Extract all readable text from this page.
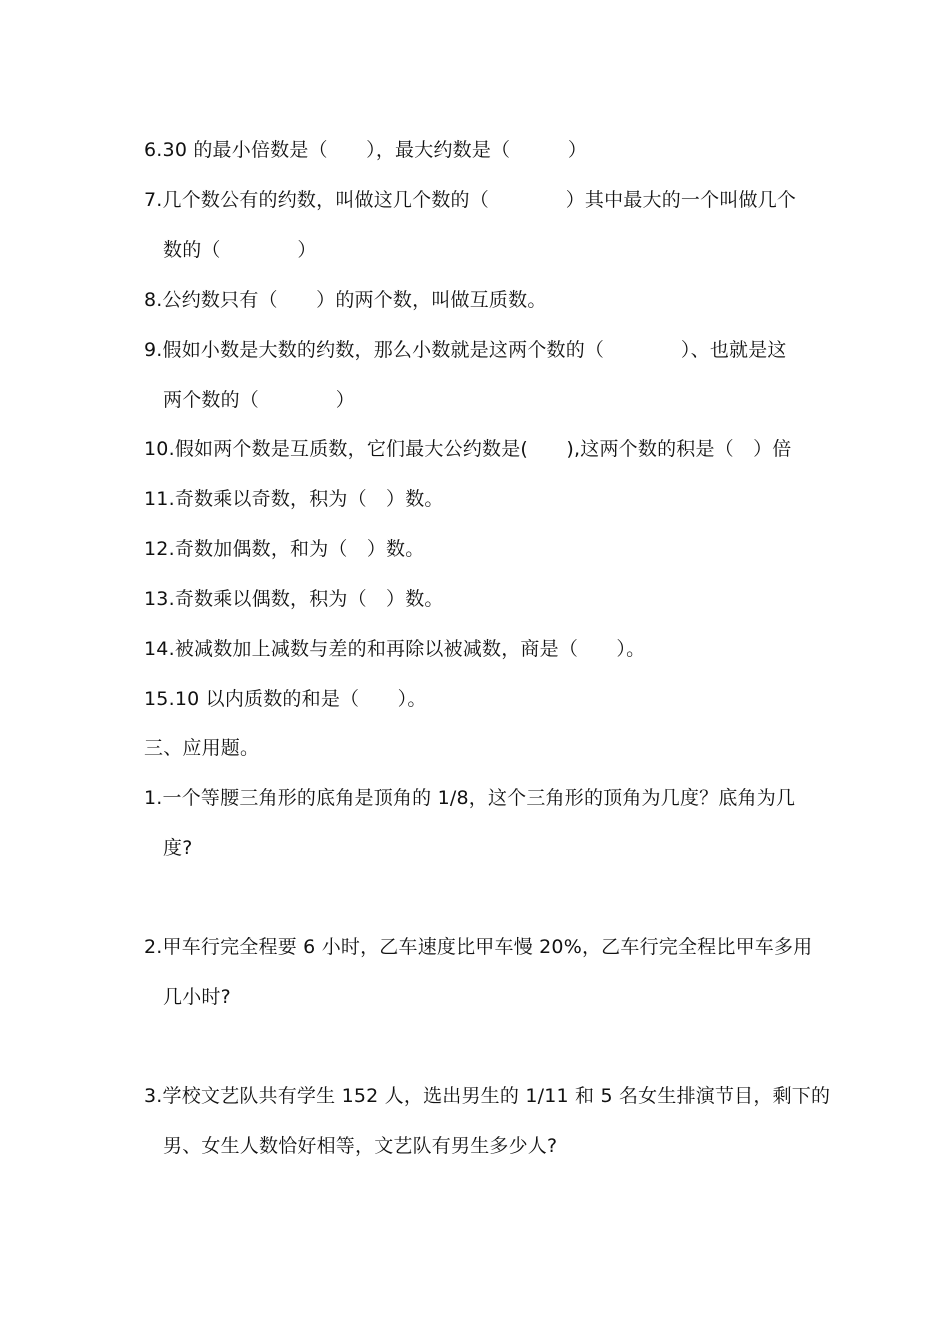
6.30 的最小倍数是（　　），最大约数是（　　　）
7.几个数公有的约数，叫做这几个数的（　　　　）其中最大的一个叫做几个
数的（　　　　）
8.公约数只有（　　）的两个数，叫做互质数。
9.假如小数是大数的约数，那么小数就是这两个数的（　　　　）、也就是这
两个数的（　　　　）
10.假如两个数是互质数，它们最大公约数是(　　),这两个数的积是（　）倍
11.奇数乘以奇数，积为（　）数。
12.奇数加偶数，和为（　）数。
13.奇数乘以偶数，积为（　）数。
14.被减数加上减数与差的和再除以被减数，商是（　　）。
15.10 以内质数的和是（　　）。
三、应用题。
1.一个等腰三角形的底角是顶角的 1/8，这个三角形的顶角为几度？底角为几
度?
2.甲车行完全程要 6 小时，乙车速度比甲车慢 20%，乙车行完全程比甲车多用
几小时?
3.学校文艺队共有学生 152 人，选出男生的 1/11 和 5 名女生排演节目，剩下的
男、女生人数恰好相等，文艺队有男生多少人?
